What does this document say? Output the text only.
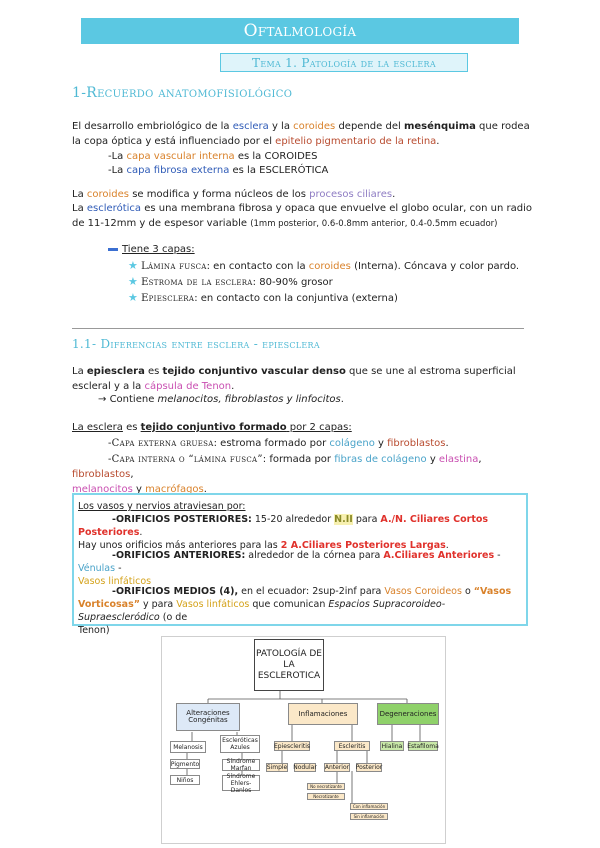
Oftalmología
Tema 1. Patología de la esclera
1-Recuerdo anatomofisiológico
El desarrollo embriológico de la esclera y la coroides depende del mesénquima que rodea
la copa óptica y está influenciado por el epitelio pigmentario de la retina.
-La capa vascular interna es la COROIDES
-La capa fibrosa externa es la ESCLERÓTICA
La coroides se modifica y forma núcleos de los procesos ciliares.
La esclerótica es una membrana fibrosa y opaca que envuelve el globo ocular, con un radio
de 11-12mm y de espesor variable (1mm posterior, 0.6-0.8mm anterior, 0.4-0.5mm ecuador)
Tiene 3 capas:
★ Lámina fusca: en contacto con la coroides (Interna). Cóncava y color pardo.
★ Estroma de la esclera: 80-90% grosor
★ Epiesclera: en contacto con la conjuntiva (externa)
1.1- Diferencias entre esclera - epiesclera
La epiesclera es tejido conjuntivo vascular denso que se une al estroma superficial
escleral y a la cápsula de Tenon.
→ Contiene melanocitos, fibroblastos y linfocitos.
La esclera es tejido conjuntivo formado por 2 capas:
-Capa externa gruesa: estroma formado por colágeno y fibroblastos.
-Capa interna o “lámina fusca”: formada por fibras de colágeno y elastina, fibroblastos,
melanocitos y macrófagos.
Los vasos y nervios atraviesan por:
-ORIFICIOS POSTERIORES: 15-20 alrededor N.II para A./N. Ciliares Cortos Posteriores.
Hay unos orificios más anteriores para las 2 A.Ciliares Posteriores Largas.
-ORIFICIOS ANTERIORES: alrededor de la córnea para A.Ciliares Anteriores - Vénulas -
Vasos linfáticos
-ORIFICIOS MEDIOS (4), en el ecuador: 2sup-2inf para Vasos Coroideos o “Vasos
Vorticosas” y para Vasos linfáticos que comunican Espacios Supracoroideo-Supraescleródico (o de
Tenon)
PATOLOGÍA DE LA ESCLEROTICA
Alteraciones Congénitas
Inflamaciones	Degeneraciones
Melanosis
Escleróticas Azules
Pigmento
Niños
Síndrome Marfan
Síndrome Ehlers-Danlos
Epiescleritis	Escleritis
Simple Nodular Anterior Posterior
Hialina Estafiloma
No necrotizante
Necrotizante
Con inflamación
Sin inflamación
